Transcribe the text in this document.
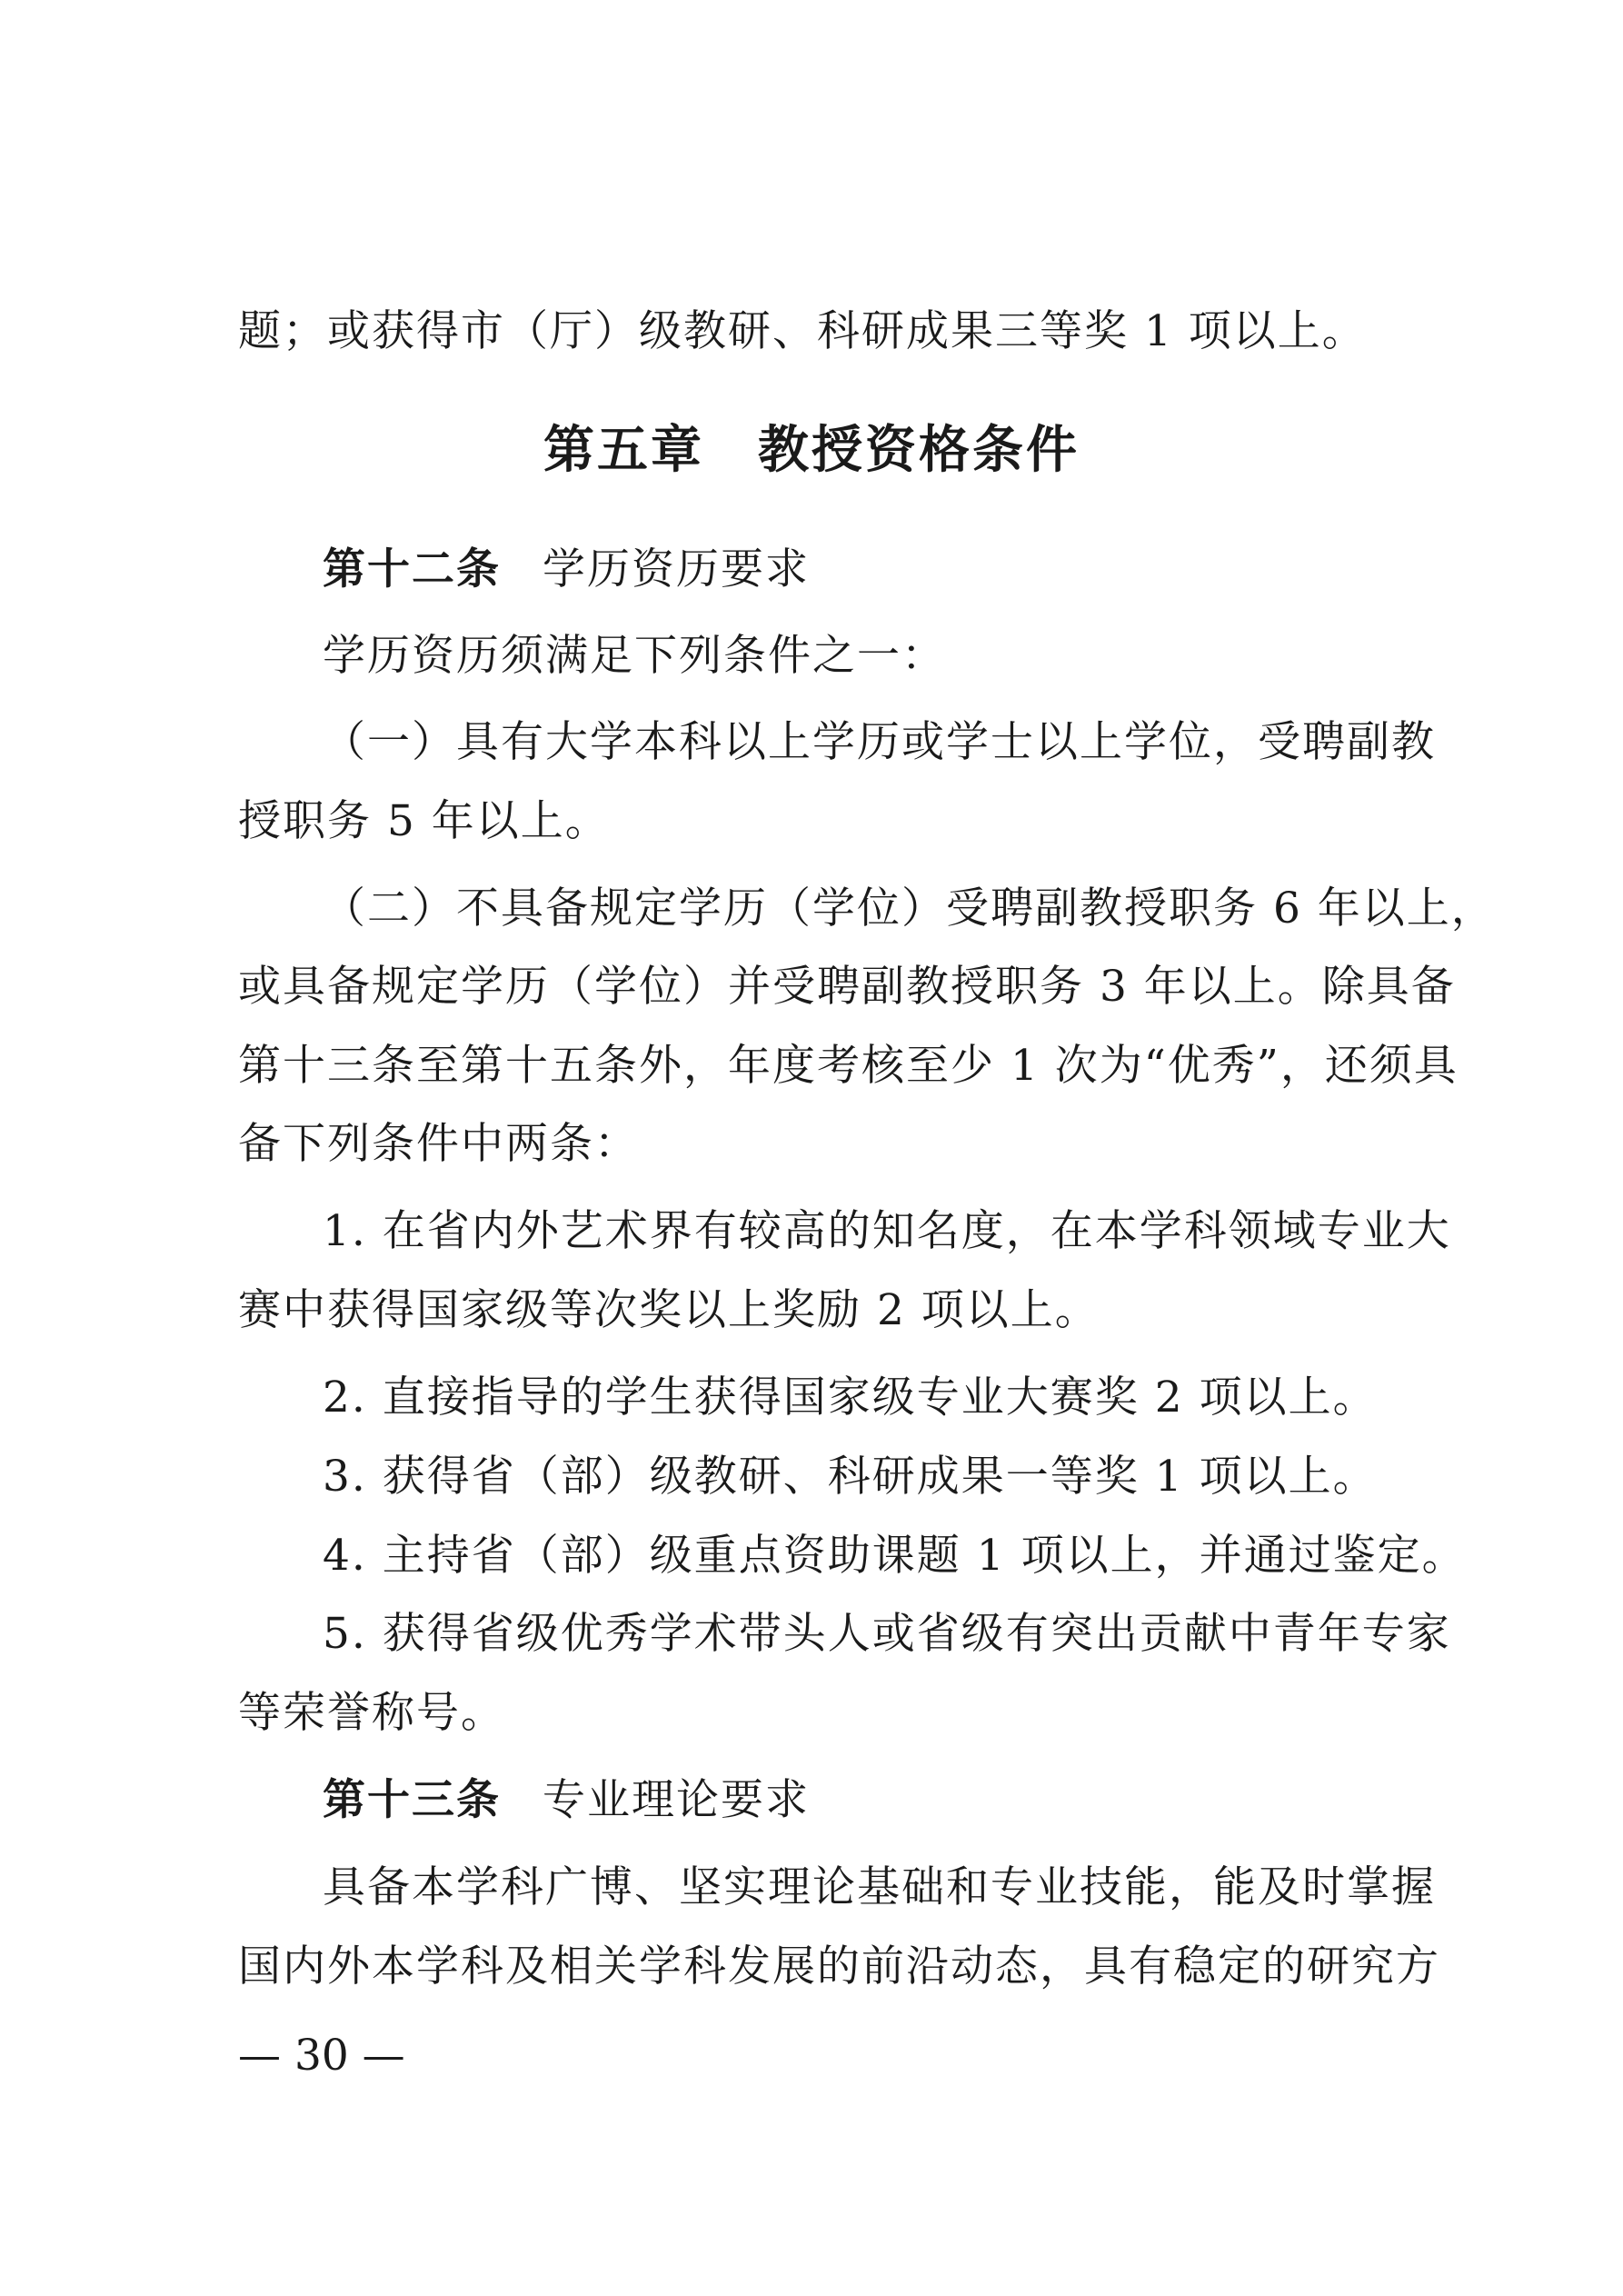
题；或获得市（厅）级教研、科研成果三等奖 1 项以上。
第五章　教授资格条件
第十二条 学历资历要求
学历资历须满足下列条件之一：
（一）具有大学本科以上学历或学士以上学位，受聘副教
授职务 5 年以上。
（二）不具备规定学历（学位）受聘副教授职务 6 年以上，
或具备规定学历（学位）并受聘副教授职务 3 年以上。除具备
第十三条至第十五条外，年度考核至少 1 次为“优秀”，还须具
备下列条件中两条：
1. 在省内外艺术界有较高的知名度，在本学科领域专业大
赛中获得国家级等次奖以上奖励 2 项以上。
2. 直接指导的学生获得国家级专业大赛奖 2 项以上。
3. 获得省（部）级教研、科研成果一等奖 1 项以上。
4. 主持省（部）级重点资助课题 1 项以上，并通过鉴定。
5. 获得省级优秀学术带头人或省级有突出贡献中青年专家
等荣誉称号。
第十三条 专业理论要求
具备本学科广博、坚实理论基础和专业技能，能及时掌握
国内外本学科及相关学科发展的前沿动态，具有稳定的研究方
— 30 —
